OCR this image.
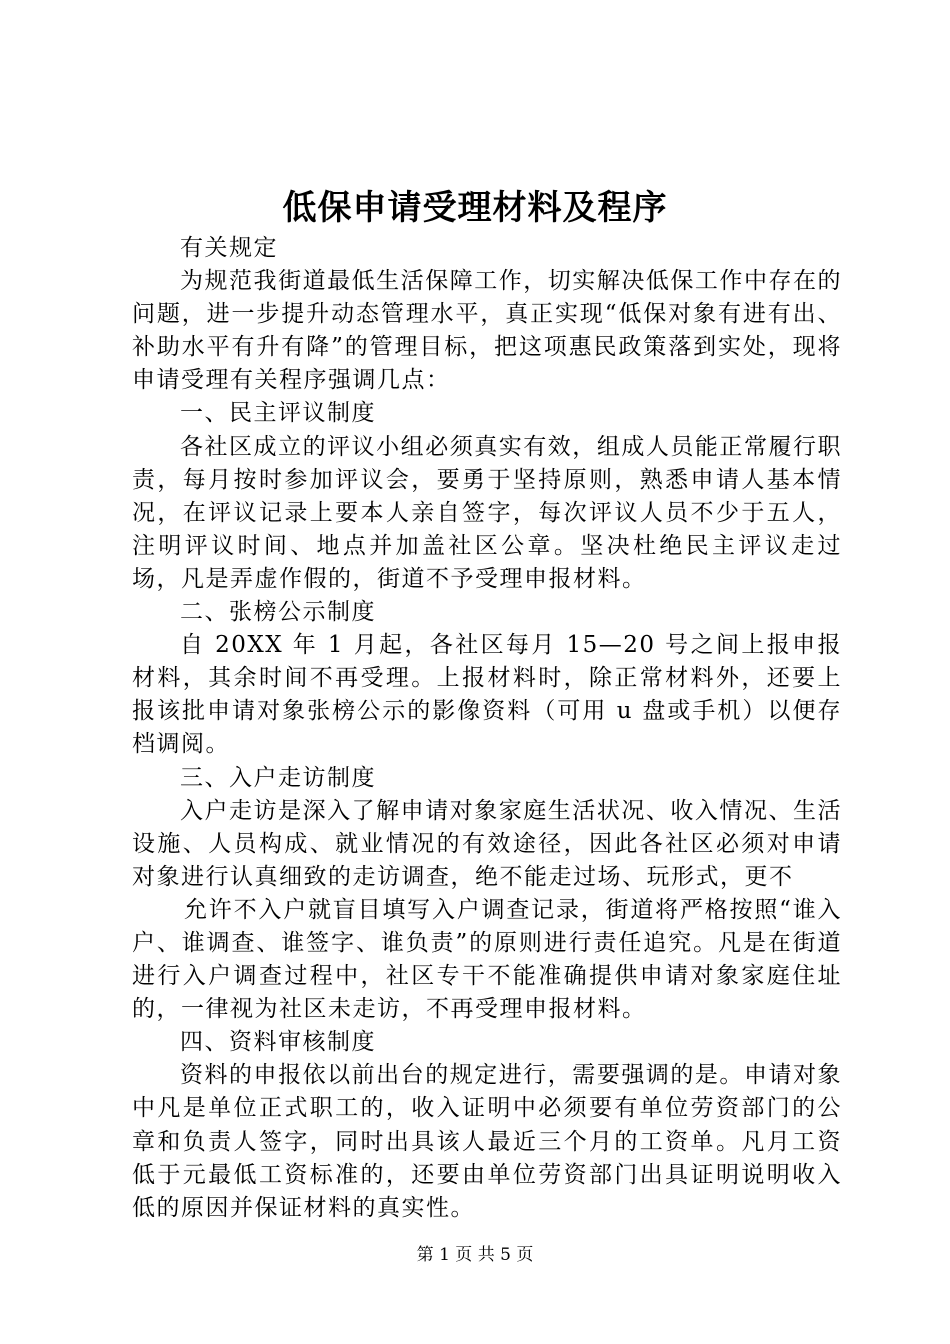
低保申请受理材料及程序

有关规定

为规范我街道最低生活保障工作，切实解决低保工作中存在的问题，进一步提升动态管理水平，真正实现“低保对象有进有出、补助水平有升有降”的管理目标，把这项惠民政策落到实处，现将申请受理有关程序强调几点：

一、民主评议制度

各社区成立的评议小组必须真实有效，组成人员能正常履行职责，每月按时参加评议会，要勇于坚持原则，熟悉申请人基本情况，在评议记录上要本人亲自签字，每次评议人员不少于五人，注明评议时间、地点并加盖社区公章。坚决杜绝民主评议走过场，凡是弄虚作假的，街道不予受理申报材料。

二、张榜公示制度

自 20XX 年 1 月起，各社区每月 15—20 号之间上报申报材料，其余时间不再受理。上报材料时，除正常材料外，还要上报该批申请对象张榜公示的影像资料（可用 u 盘或手机）以便存档调阅。

三、入户走访制度

入户走访是深入了解申请对象家庭生活状况、收入情况、生活设施、人员构成、就业情况的有效途径，因此各社区必须对申请对象进行认真细致的走访调查，绝不能走过场、玩形式，更不

允许不入户就盲目填写入户调查记录，街道将严格按照“谁入户、谁调查、谁签字、谁负责”的原则进行责任追究。凡是在街道进行入户调查过程中，社区专干不能准确提供申请对象家庭住址的，一律视为社区未走访，不再受理申报材料。

四、资料审核制度

资料的申报依以前出台的规定进行，需要强调的是。申请对象中凡是单位正式职工的，收入证明中必须要有单位劳资部门的公章和负责人签字，同时出具该人最近三个月的工资单。凡月工资低于元最低工资标准的，还要由单位劳资部门出具证明说明收入低的原因并保证材料的真实性。

第 1 页 共 5 页
